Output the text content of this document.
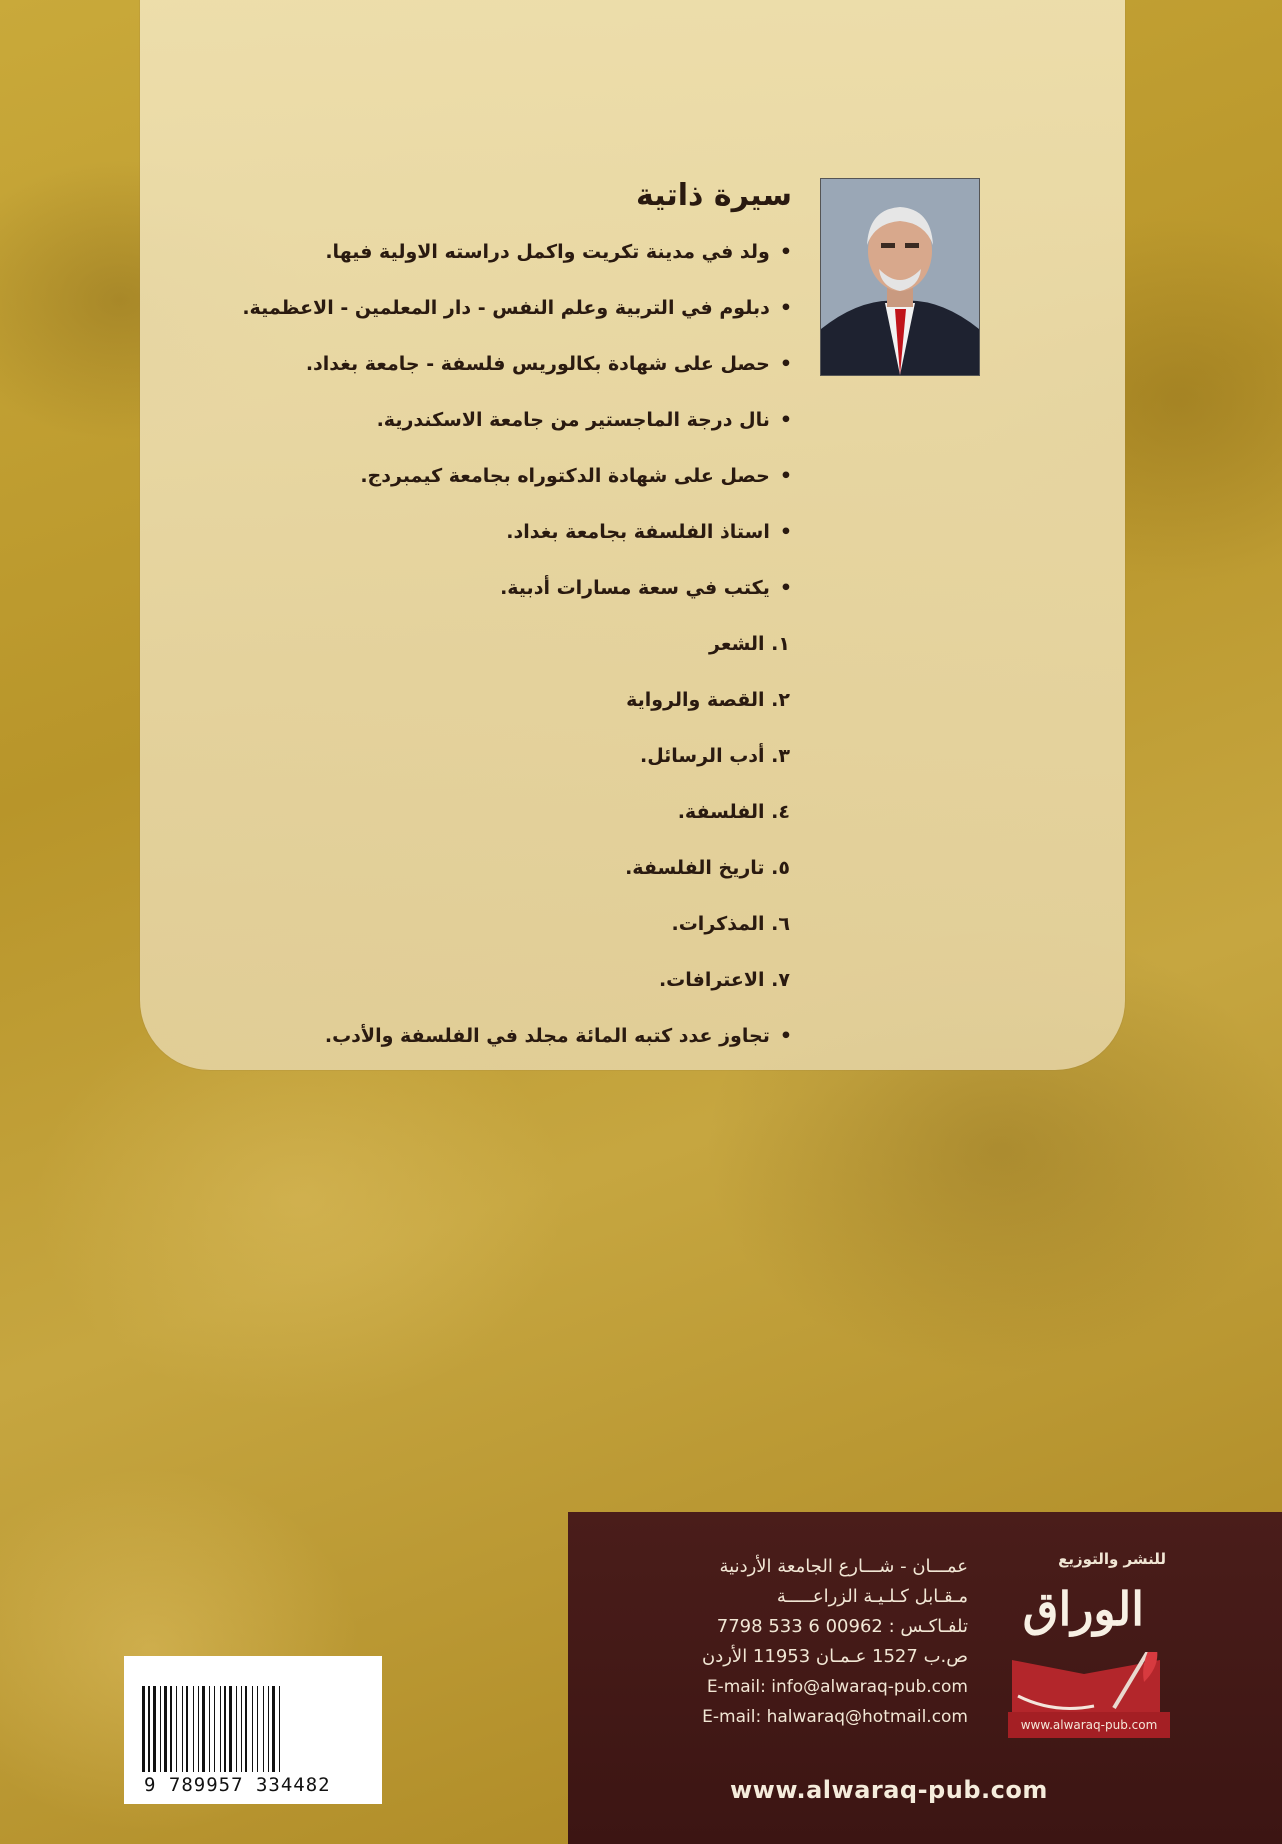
سيرة ذاتية
• ولد في مدينة تكريت واكمل دراسته الاولية فيها.
• دبلوم في التربية وعلم النفس - دار المعلمين - الاعظمية.
• حصل على شهادة بكالوريس فلسفة - جامعة بغداد.
• نال درجة الماجستير من جامعة الاسكندرية.
• حصل على شهادة الدكتوراه بجامعة كيمبردج.
• استاذ الفلسفة بجامعة بغداد.
• يكتب في سعة مسارات أدبية.
١. الشعر
٢. القصة والرواية
٣. أدب الرسائل.
٤. الفلسفة.
٥. تاريخ الفلسفة.
٦. المذكرات.
٧. الاعترافات.
• تجاوز عدد كتبه المائة مجلد في الفلسفة والأدب.
9 789957 334482
عمـــان - شـــارع الجامعة الأردنية
مـقـابل كـلـيـة الزراعـــــة
تلفـاكـس : 00962 6 533 7798
ص.ب 1527 عـمـان 11953 الأردن
E-mail: info@alwaraq-pub.com
E-mail: halwaraq@hotmail.com
للنشر والتوزيع
الوراق
www.alwaraq-pub.com
www.alwaraq-pub.com
